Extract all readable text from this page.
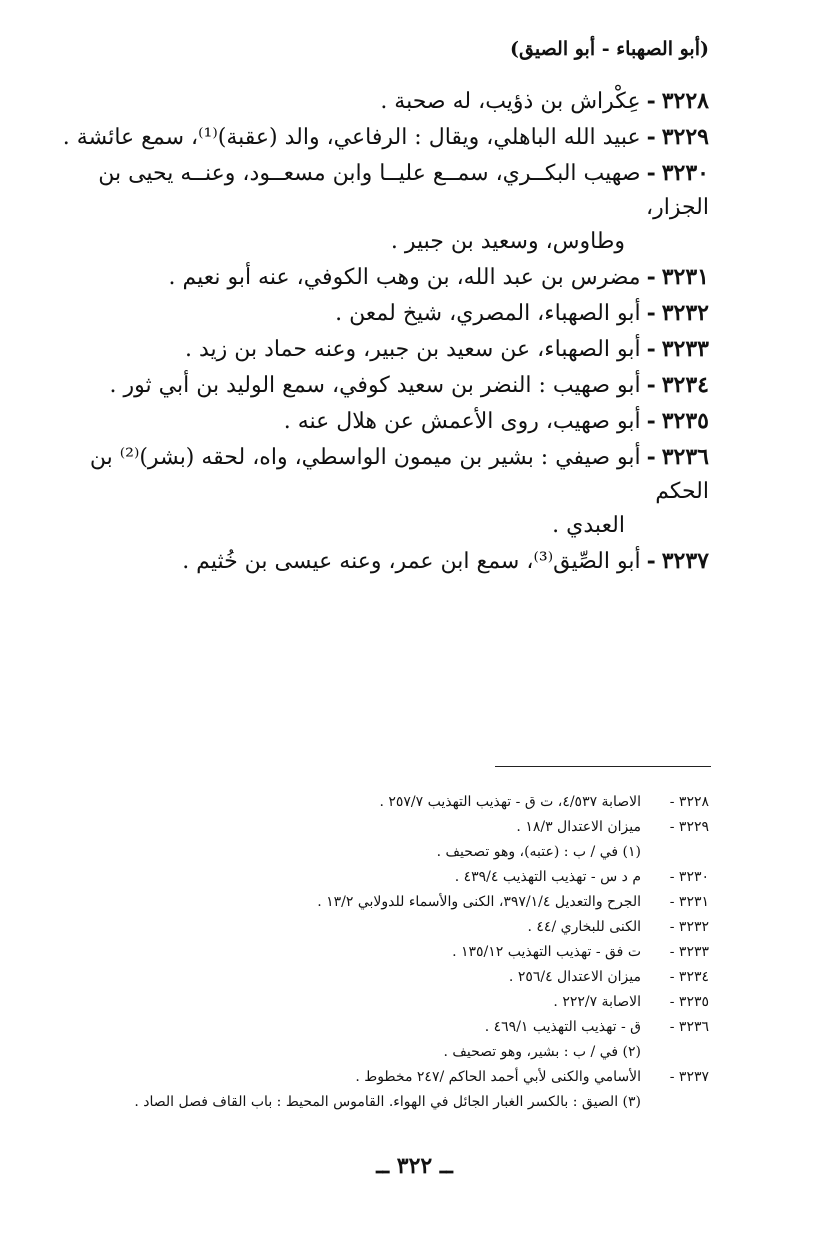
(أبو الصهباء - أبو الصيق)
٣٢٢٨-عِكْراش بن ذؤيب، له صحبة .
٣٢٢٩-عبيد الله الباهلي، ويقال : الرفاعي، والد (عقبة)⁽¹⁾، سمع عائشة .
٣٢٣٠-صهيب البكــري، سمــع عليــا وابن مسعــود، وعنــه يحيى بن الجزار،
وطاوس، وسعيد بن جبير .
٣٢٣١-مضرس بن عبد الله، بن وهب الكوفي، عنه أبو نعيم .
٣٢٣٢-أبو الصهباء، المصري، شيخ لمعن .
٣٢٣٣-أبو الصهباء، عن سعيد بن جبير، وعنه حماد بن زيد .
٣٢٣٤-أبو صهيب : النضر بن سعيد كوفي، سمع الوليد بن أبي ثور .
٣٢٣٥-أبو صهيب، روى الأعمش عن هلال عنه .
٣٢٣٦-أبو صيفي : بشير بن ميمون الواسطي، واه، لحقه (بشر)⁽²⁾ بن الحكم
العبدي .
٣٢٣٧-أبو الصِّيق⁽³⁾، سمع ابن عمر، وعنه عيسى بن خُثيم .
٣٢٢٨ -
الاصابة ٤/٥٣٧، ت ق - تهذيب التهذيب ٢٥٧/٧ .
٣٢٢٩ -
ميزان الاعتدال ١٨/٣ .
(١) في / ب : (عتبه)، وهو تصحيف .
٣٢٣٠ -
م د س - تهذيب التهذيب ٤٣٩/٤ .
٣٢٣١ -
الجرح والتعديل ٣٩٧/١/٤، الكنى والأسماء للدولابي ١٣/٢ .
٣٢٣٢ -
الكنى للبخاري /٤٤ .
٣٢٣٣ -
ت فق - تهذيب التهذيب ١٣٥/١٢ .
٣٢٣٤ -
ميزان الاعتدال ٢٥٦/٤ .
٣٢٣٥ -
الاصابة ٢٢٢/٧ .
٣٢٣٦ -
ق - تهذيب التهذيب ٤٦٩/١ .
(٢) في / ب : بشير، وهو تصحيف .
٣٢٣٧ -
الأسامي والكنى لأبي أحمد الحاكم /٢٤٧ مخطوط .
(٣) الصيق : بالكسر الغبار الجائل في الهواء. القاموس المحيط : باب القاف فصل الصاد .
ــ ٣٢٢ ــ
